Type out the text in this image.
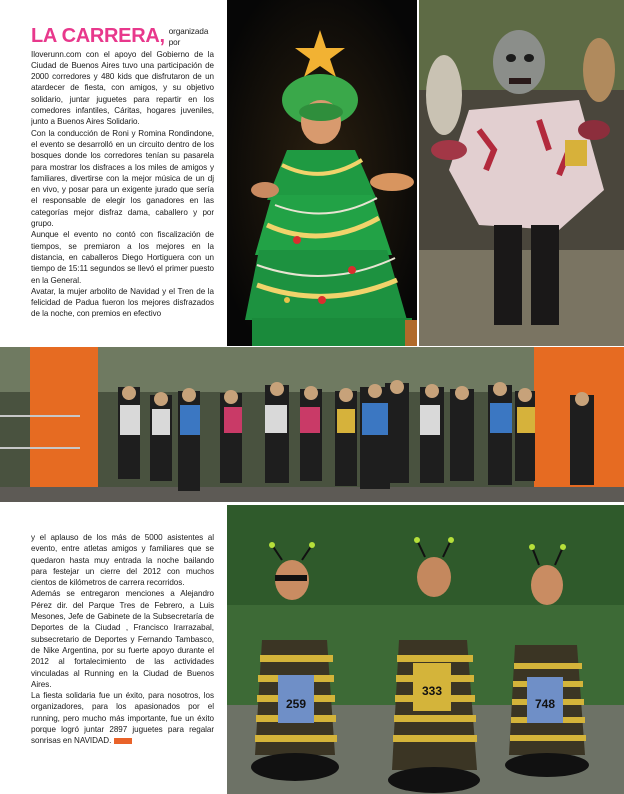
LA CARRERA, organizada por Iloverunn.com con el apoyo del Gobierno de la Ciudad de Buenos Aires tuvo una participación de 2000 corredores y 480 kids que disfrutaron de un atardecer de fiesta, con amigos, y su objetivo solidario, juntar juguetes para repartir en los comedores infantiles, Cáritas, hogares juveniles, junto a Buenos Aires Solidario.

Con la conducción de Roni y Romina Rondindone, el evento se desarrolló en un circuito dentro de los bosques donde los corredores tenían su pasarela para mostrar los disfraces a los miles de amigos y familiares, divertirse con la mejor música de un dj en vivo, y posar para un exigente jurado que sería el responsable de elegir los ganadores en las categorías mejor disfraz dama, caballero y por grupo.

Aunque el evento no contó con fiscalización de tiempos, se premiaron a los mejores en la distancia, en caballeros Diego Hortiguera con un tiempo de 15:11 segundos se llevó el primer puesto en la General.

Avatar, la mujer arbolito de Navidad y el Tren de la felicidad de Padua fueron los mejores disfrazados de la noche, con premios en efectivo

y el aplauso de los más de 5000 asistentes al evento, entre atletas amigos y familiares que se quedaron hasta muy entrada la noche bailando para festejar un cierre del 2012 con muchos cientos de kilómetros de carrera recorridos.

Además se entregaron menciones a Alejandro Pérez dir. del Parque Tres de Febrero, a Luis Mesones, Jefe de Gabinete de la Subsecretaría de Deportes de la Ciudad , Francisco Irarrazabal, subsecretario de Deportes y Fernando Tambasco, de Nike Argentina, por su fuerte apoyo durante el 2012 al fortalecimiento de las actividades vinculadas al Running en la Ciudad de Buenos Aires.

La fiesta solidaria fue un éxito, para nosotros, los organizadores, para los apasionados por el running, pero mucho más importante, fue un éxito porque logró juntar 2897 juguetes para regalar sonrisas en NAVIDAD.

259
333
748
